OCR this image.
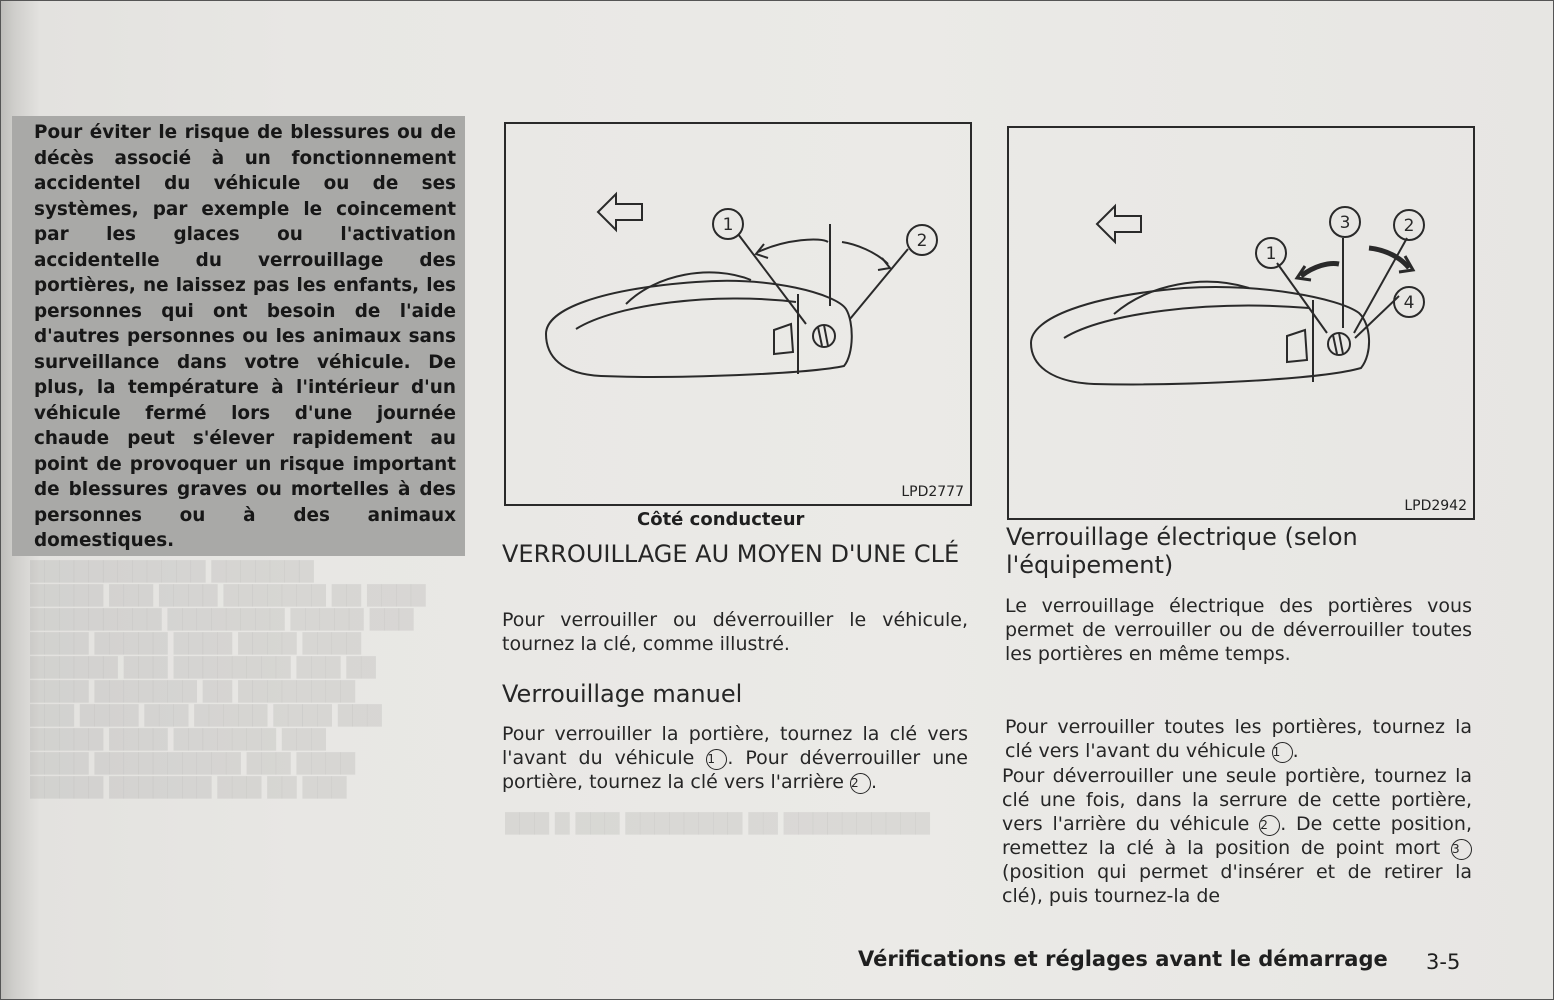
████████████ ███████
█████ ███ ████ ███████ ██ ████
█████████ ████████ █████ ███
████ █████ ████ ████ ████
██████ ███ ████████ ███ ██
████ ███████ ██ ████████
███ ████ ███ █████ ████ ███
█████ ████ ███████ ███
████ ██████████ ███ ████
█████ ███████ ███ ██ ███
███ █ ███ ████████ ██ ██████████

Pour éviter le risque de blessures ou de décès associé à un fonctionnement accidentel du véhicule ou de ses systèmes, par exemple le coincement par les glaces ou l'activation accidentelle du verrouillage des portières, ne laissez pas les enfants, les personnes qui ont besoin de l'aide d'autres personnes ou les animaux sans surveillance dans votre véhicule. De plus, la température à l'intérieur d'un véhicule fermé lors d'une journée chaude peut s'élever rapidement au point de provoquer un risque important de blessures graves ou mortelles à des personnes ou à des animaux domestiques.

1
2
LPD2777
Côté conducteur
1
2
3
4
LPD2942
VERROUILLAGE AU MOYEN D'UNE CLÉ

Pour verrouiller ou déverrouiller le véhicule, tournez la clé, comme illustré.

Verrouillage manuel

Pour verrouiller la portière, tournez la clé vers l'avant du véhicule 1 . Pour déverrouiller une portière, tournez la clé vers l'arrière 2 .

Verrouillage électrique (selon l'équipement)

Le verrouillage électrique des portières vous permet de verrouiller ou de déverrouiller toutes les portières en même temps.

Pour verrouiller toutes les portières, tournez la clé vers l'avant du véhicule 1 .

Pour déverrouiller une seule portière, tournez la clé une fois, dans la serrure de cette portière, vers l'arrière du véhicule 2 . De cette position, remettez la clé à la position de point mort 3 (position qui permet d'insérer et de retirer la clé), puis tournez-la de

Vérifications et réglages avant le démarrage 3-5
